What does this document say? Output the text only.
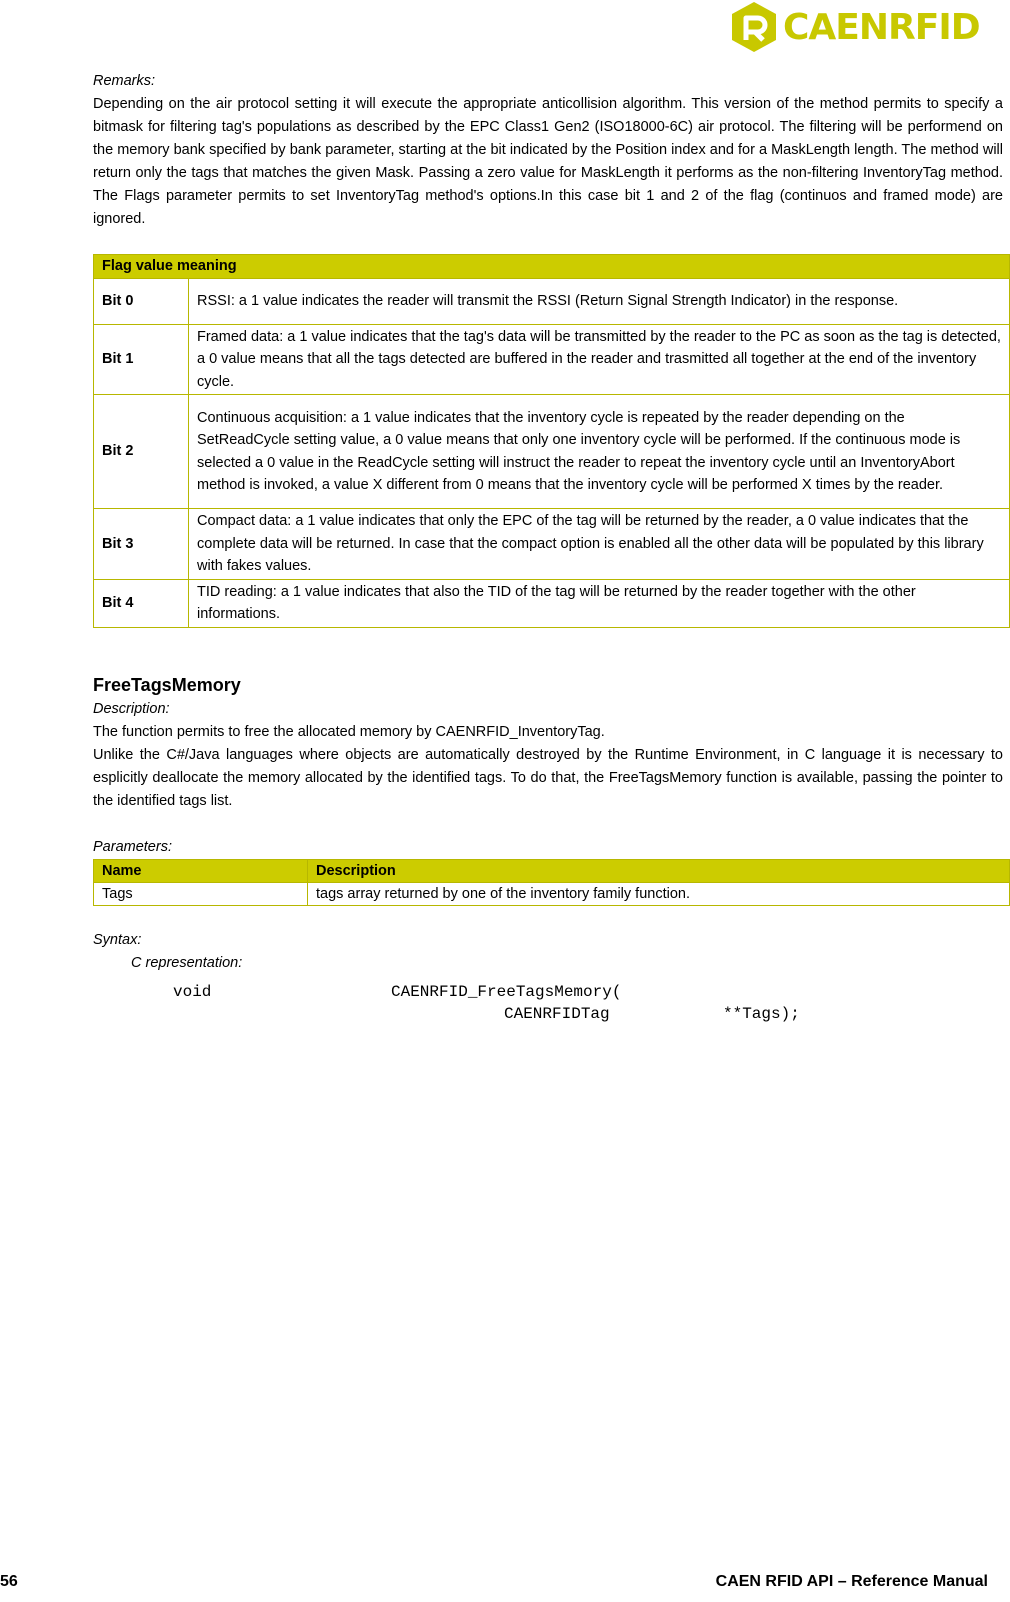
CAENRFID

Remarks:

Depending on the air protocol setting it will execute the appropriate anticollision algorithm. This version of the method permits to specify a bitmask for filtering tag's populations as described by the EPC Class1 Gen2 (ISO18000-6C) air protocol. The filtering will be performend on the memory bank specified by bank parameter, starting at the bit indicated by the Position index and for a MaskLength length. The method will return only the tags that matches the given Mask. Passing a zero value for MaskLength it performs as the non-filtering InventoryTag method. The Flags parameter permits to set InventoryTag method's options.In this case bit 1 and 2 of the flag (continuos and framed mode) are ignored.

Flag value meaning	
Bit 0	RSSI: a 1 value indicates the reader will transmit the RSSI (Return Signal Strength Indicator) in the response.
Bit 1	Framed data: a 1 value indicates that the tag's data will be transmitted by the reader to the PC as soon as the tag is detected, a 0 value means that all the tags detected are buffered in the reader and trasmitted all together at the end of the inventory cycle.
Bit 2	Continuous acquisition: a 1 value indicates that the inventory cycle is repeated by the reader depending on the SetReadCycle setting value, a 0 value means that only one inventory cycle will be performed. If the continuous mode is selected a 0 value in the ReadCycle setting will instruct the reader to repeat the inventory cycle until an InventoryAbort method is invoked, a value X different from 0 means that the inventory cycle will be performed X times by the reader.
Bit 3	Compact data: a 1 value indicates that only the EPC of the tag will be returned by the reader, a 0 value indicates that the complete data will be returned. In case that the compact option is enabled all the other data will be populated by this library with fakes values.
Bit 4	TID reading: a 1 value indicates that also the TID of the tag will be returned by the reader together with the other informations.
FreeTagsMemory

Description:

The function permits to free the allocated memory by CAENRFID_InventoryTag.

Unlike the C#/Java languages where objects are automatically destroyed by the Runtime Environment, in C language it is necessary to esplicitly deallocate the memory allocated by the identified tags. To do that, the FreeTagsMemory function is available, passing the pointer to the identified tags list.

Parameters:

Name	Description
Tags	tags array returned by one of the inventory family function.

Syntax:

C representation:

void

	CAENRFID_FreeTagsMemory(

CAENRFIDTag

	**Tags);

56	CAEN RFID API – Reference Manual
